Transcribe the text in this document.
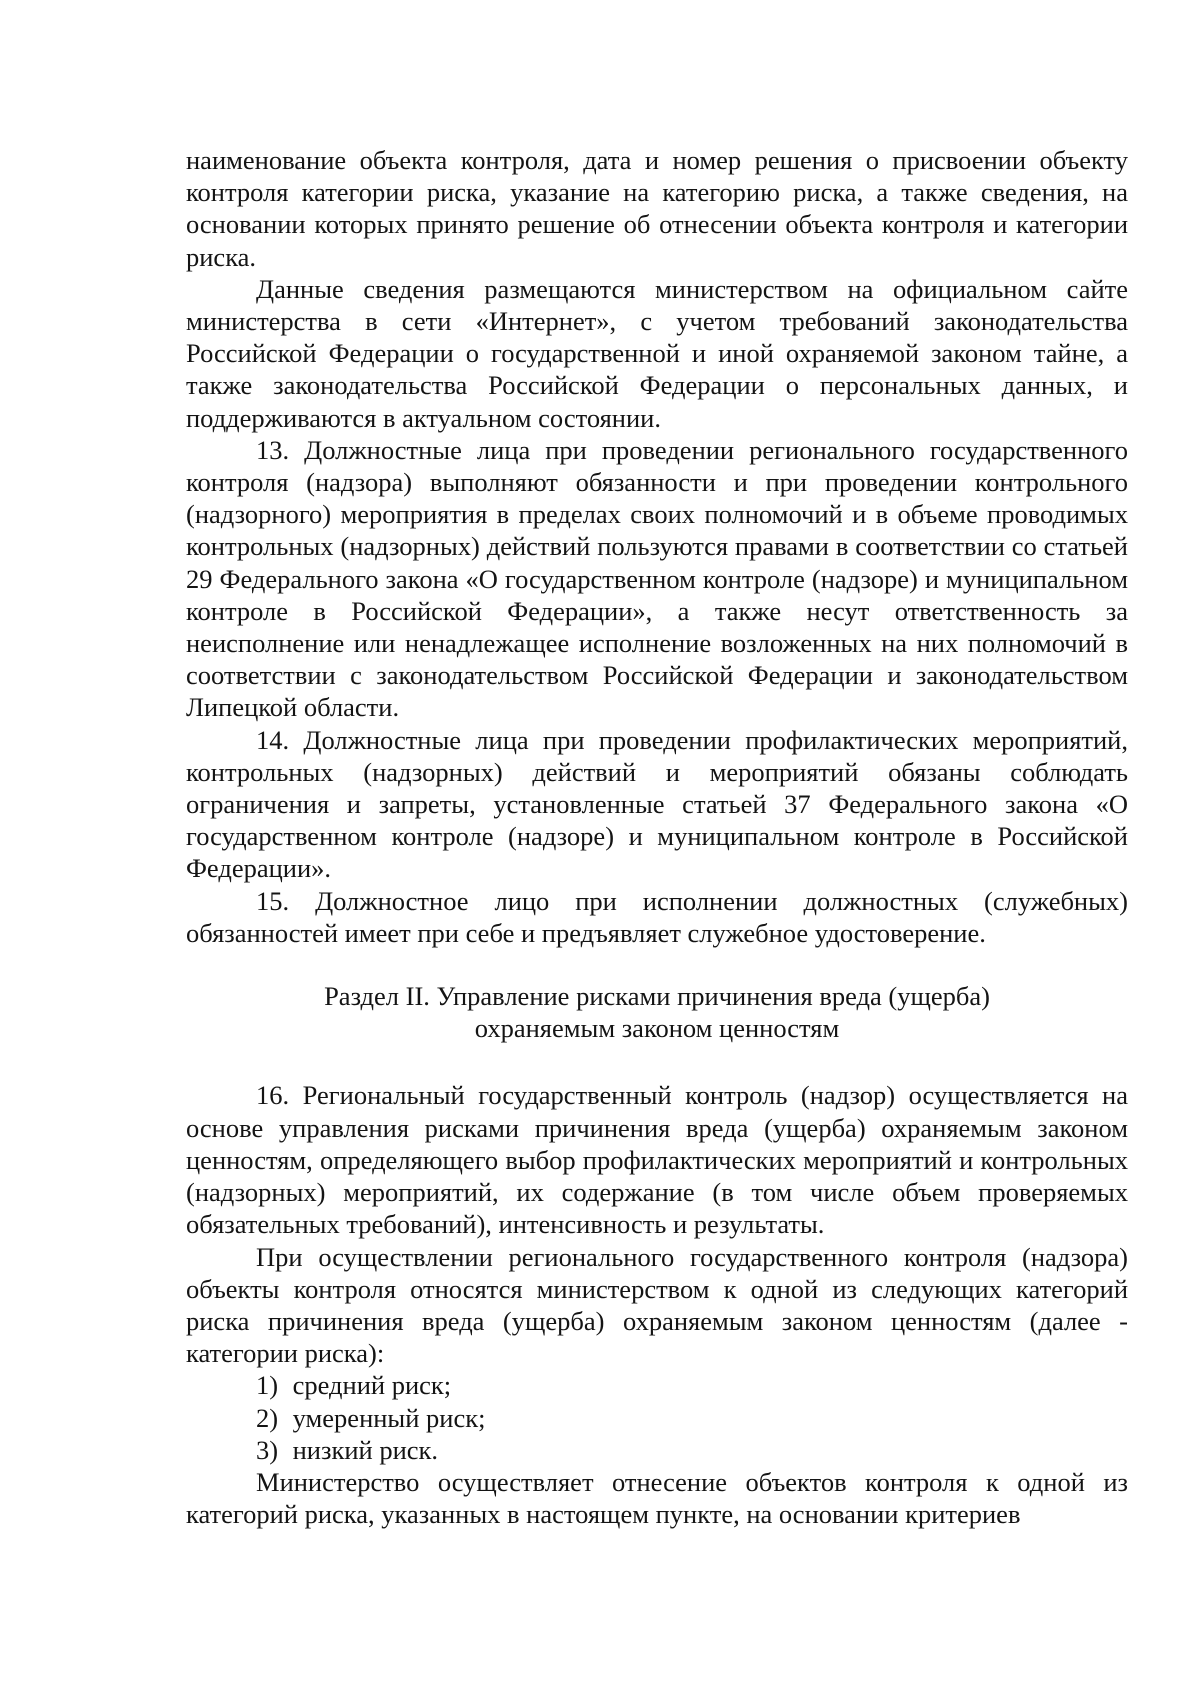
наименование объекта контроля, дата и номер решения о присвоении объекту контроля категории риска, указание на категорию риска, а также сведения, на основании которых принято решение об отнесении объекта контроля и категории риска.

Данные сведения размещаются министерством на официальном сайте министерства в сети «Интернет», с учетом требований законодательства Российской Федерации о государственной и иной охраняемой законом тайне, а также законодательства Российской Федерации о персональных данных, и поддерживаются в актуальном состоянии.

13. Должностные лица при проведении регионального государственного контроля (надзора) выполняют обязанности и при проведении контрольного (надзорного) мероприятия в пределах своих полномочий и в объеме проводимых контрольных (надзорных) действий пользуются правами в соответствии со статьей 29 Федерального закона «О государственном контроле (надзоре) и муниципальном контроле в Российской Федерации», а также несут ответственность за неисполнение или ненадлежащее исполнение возложенных на них полномочий в соответствии с законодательством Российской Федерации и законодательством Липецкой области.

14. Должностные лица при проведении профилактических мероприятий, контрольных (надзорных) действий и мероприятий обязаны соблюдать ограничения и запреты, установленные статьей 37 Федерального закона «О государственном контроле (надзоре) и муниципальном контроле в Российской Федерации».

15. Должностное лицо при исполнении должностных (служебных) обязанностей имеет при себе и предъявляет служебное удостоверение.

Раздел II. Управление рисками причинения вреда (ущерба)
охраняемым законом ценностям

16. Региональный государственный контроль (надзор) осуществляется на основе управления рисками причинения вреда (ущерба) охраняемым законом ценностям, определяющего выбор профилактических мероприятий и контрольных (надзорных) мероприятий, их содержание (в том числе объем проверяемых обязательных требований), интенсивность и результаты.

При осуществлении регионального государственного контроля (надзора) объекты контроля относятся министерством к одной из следующих категорий риска причинения вреда (ущерба) охраняемым законом ценностям (далее - категории риска):

1) средний риск;
2) умеренный риск;
3) низкий риск.

Министерство осуществляет отнесение объектов контроля к одной из категорий риска, указанных в настоящем пункте, на основании критериев
